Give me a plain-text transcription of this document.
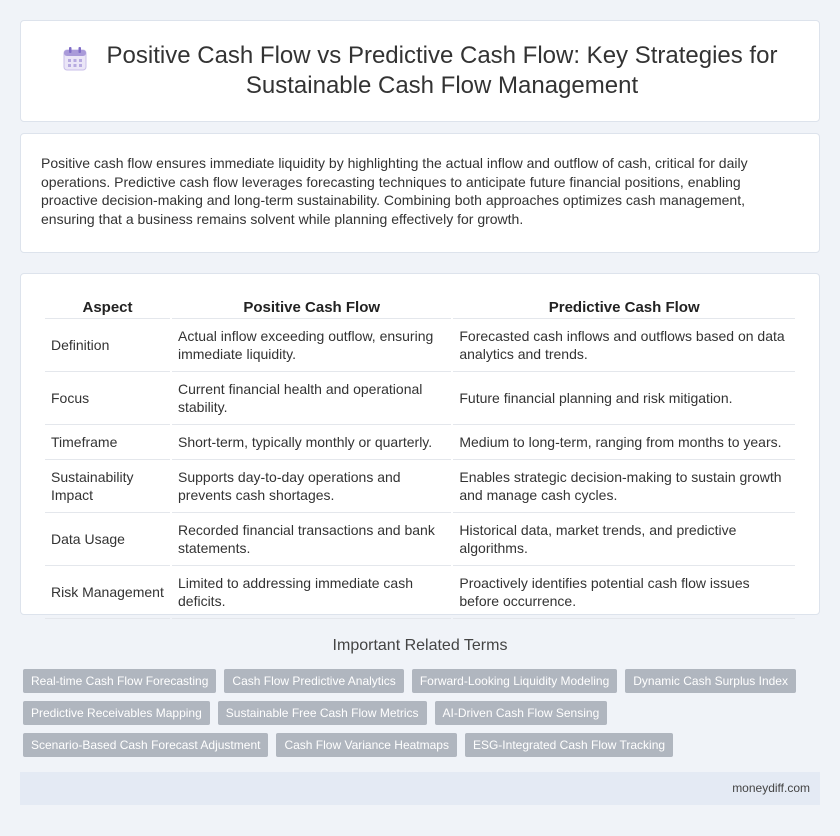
Positive Cash Flow vs Predictive Cash Flow: Key Strategies for Sustainable Cash Flow Management

Positive cash flow ensures immediate liquidity by highlighting the actual inflow and outflow of cash, critical for daily operations. Predictive cash flow leverages forecasting techniques to anticipate future financial positions, enabling proactive decision-making and long-term sustainability. Combining both approaches optimizes cash management, ensuring that a business remains solvent while planning effectively for growth.

Aspect	Positive Cash Flow	Predictive Cash Flow
Definition	Actual inflow exceeding outflow, ensuring immediate liquidity.	Forecasted cash inflows and outflows based on data analytics and trends.
Focus	Current financial health and operational stability.	Future financial planning and risk mitigation.
Timeframe	Short-term, typically monthly or quarterly.	Medium to long-term, ranging from months to years.
Sustainability Impact	Supports day-to-day operations and prevents cash shortages.	Enables strategic decision-making to sustain growth and manage cash cycles.
Data Usage	Recorded financial transactions and bank statements.	Historical data, market trends, and predictive algorithms.
Risk Management	Limited to addressing immediate cash deficits.	Proactively identifies potential cash flow issues before occurrence.
Important Related Terms
Real-time Cash Flow Forecasting	Cash Flow Predictive Analytics	Forward-Looking Liquidity Modeling	Dynamic Cash Surplus Index
Predictive Receivables Mapping	Sustainable Free Cash Flow Metrics	AI-Driven Cash Flow Sensing
Scenario-Based Cash Forecast Adjustment	Cash Flow Variance Heatmaps	ESG-Integrated Cash Flow Tracking
moneydiff.com
